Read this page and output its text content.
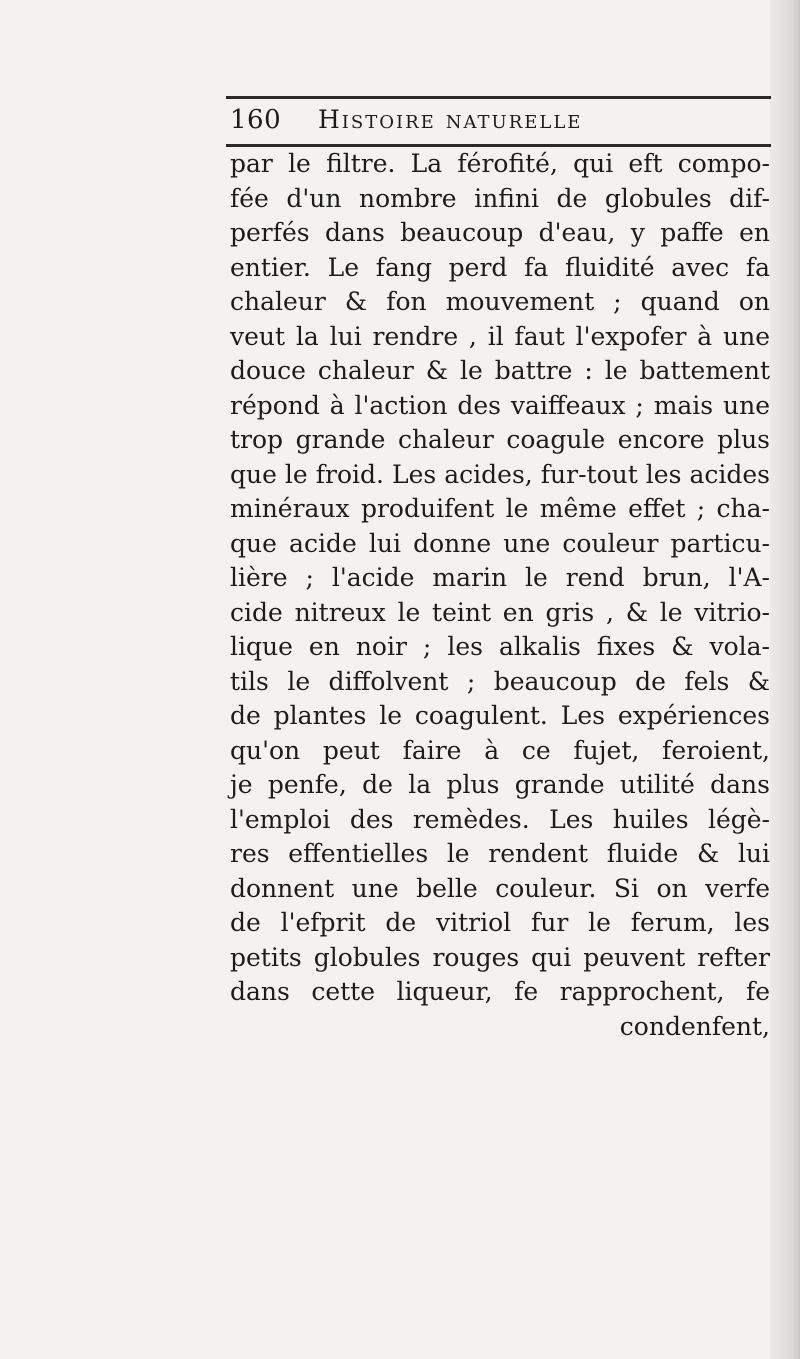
160 Histoire naturelle
par le filtre. La férofité, qui eft compo-
fée d'un nombre infini de globules dif-
perfés dans beaucoup d'eau, y paffe en
entier. Le fang perd fa fluidité avec fa
chaleur & fon mouvement ; quand on
veut la lui rendre , il faut l'expofer à une
douce chaleur & le battre : le battement
répond à l'action des vaiffeaux ; mais une
trop grande chaleur coagule encore plus
que le froid. Les acides, fur-tout les acides
minéraux produifent le même effet ; cha-
que acide lui donne une couleur particu-
lière ; l'acide marin le rend brun, l'A-
cide nitreux le teint en gris , & le vitrio-
lique en noir ; les alkalis fixes & vola-
tils le diffolvent ; beaucoup de fels &
de plantes le coagulent. Les expériences
qu'on peut faire à ce fujet, feroient,
je penfe, de la plus grande utilité dans
l'emploi des remèdes. Les huiles légè-
res effentielles le rendent fluide & lui
donnent une belle couleur. Si on verfe
de l'efprit de vitriol fur le ferum, les
petits globules rouges qui peuvent refter
dans cette liqueur, fe rapprochent, fe
condenfent,
